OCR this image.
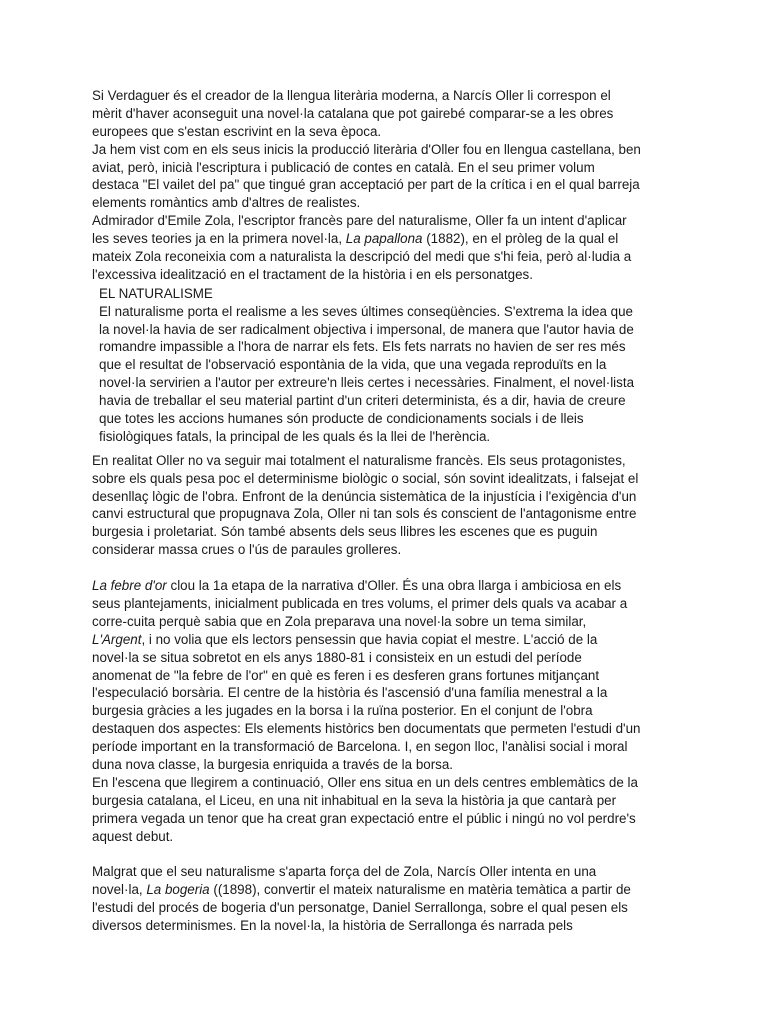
Si Verdaguer és el creador de la llengua literària moderna, a Narcís Oller li correspon el
mèrit d'haver aconseguit una novel·la catalana que pot gairebé comparar-se a les obres
europees que s'estan escrivint en la seva època.
Ja hem vist com en els seus inicis la producció literària d'Oller fou en llengua castellana, ben
aviat, però, inicià l'escriptura i publicació de contes en català. En el seu primer volum
destaca "El vailet del pa" que tingué gran acceptació per part de la crítica i en el qual barreja
elements romàntics amb d'altres de realistes.
Admirador d'Emile Zola, l'escriptor francès pare del naturalisme, Oller fa un intent d'aplicar
les seves teories ja en la primera novel·la, La papallona (1882), en el pròleg de la qual el
mateix Zola reconeixia com a naturalista la descripció del medi que s'hi feia, però al·ludia a
l'excessiva idealització en el tractament de la història i en els personatges.
EL NATURALISME
El naturalisme porta el realisme a les seves últimes conseqüències. S'extrema la idea que
la novel·la havia de ser radicalment objectiva i impersonal, de manera que l'autor havia de
romandre impassible a l'hora de narrar els fets. Els fets narrats no havien de ser res més
que el resultat de l'observació espontània de la vida, que una vegada reproduïts en la
novel·la servirien a l'autor per extreure'n lleis certes i necessàries. Finalment, el novel·lista
havia de treballar el seu material partint d'un criteri determinista, és a dir, havia de creure
que totes les accions humanes són producte de condicionaments socials i de lleis
fisiològiques fatals, la principal de les quals és la llei de l'herència.
En realitat Oller no va seguir mai totalment el naturalisme francès. Els seus protagonistes,
sobre els quals pesa poc el determinisme biològic o social, són sovint idealitzats, i falsejat el
desenllaç lògic de l'obra. Enfront de la denúncia sistemàtica de la injustícia i l'exigència d'un
canvi estructural que propugnava Zola, Oller ni tan sols és conscient de l'antagonisme entre
burgesia i proletariat. Són també absents dels seus llibres les escenes que es puguin
considerar massa crues o l'ús de paraules grolleres.
La febre d'or clou la 1a etapa de la narrativa d'Oller. És una obra llarga i ambiciosa en els
seus plantejaments, inicialment publicada en tres volums, el primer dels quals va acabar a
corre-cuita perquè sabia que en Zola preparava una novel·la sobre un tema similar,
L'Argent, i no volia que els lectors pensessin que havia copiat el mestre. L'acció de la
novel·la se situa sobretot en els anys 1880-81 i consisteix en un estudi del període
anomenat de "la febre de l'or" en què es feren i es desferen grans fortunes mitjançant
l'especulació borsària. El centre de la història és l'ascensió d'una família menestral a la
burgesia gràcies a les jugades en la borsa i la ruïna posterior. En el conjunt de l'obra
destaquen dos aspectes: Els elements històrics ben documentats que permeten l'estudi d'un
període important en la transformació de Barcelona. I, en segon lloc, l'anàlisi social i moral
duna nova classe, la burgesia enriquida a través de la borsa.
En l'escena que llegirem a continuació, Oller ens situa en un dels centres emblemàtics de la
burgesia catalana, el Liceu, en una nit inhabitual en la seva la història ja que cantarà per
primera vegada un tenor que ha creat gran expectació entre el públic i ningú no vol perdre's
aquest debut.
Malgrat que el seu naturalisme s'aparta força del de Zola, Narcís Oller intenta en una
novel·la, La bogeria ((1898), convertir el mateix naturalisme en matèria temàtica a partir de
l'estudi del procés de bogeria d'un personatge, Daniel Serrallonga, sobre el qual pesen els
diversos determinismes. En la novel·la, la història de Serrallonga és narrada pels
